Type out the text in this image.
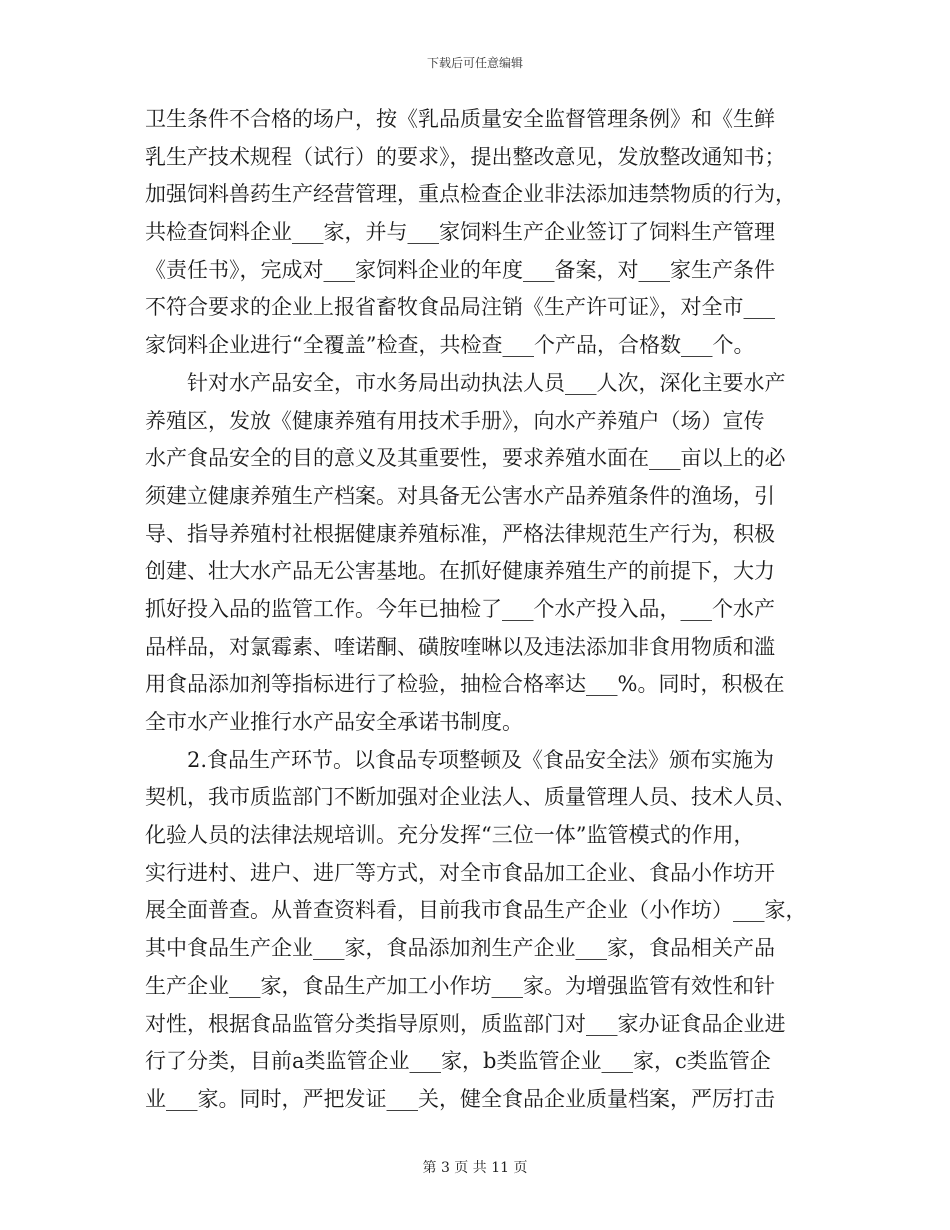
下载后可任意编辑
卫生条件不合格的场户，按《乳品质量安全监督管理条例》和《生鲜
乳生产技术规程（试行）的要求》，提出整改意见，发放整改通知书；
加强饲料兽药生产经营管理，重点检查企业非法添加违禁物质的行为，
共检查饲料企业___家，并与___家饲料生产企业签订了饲料生产管理
《责任书》，完成对___家饲料企业的年度___备案，对___家生产条件
不符合要求的企业上报省畜牧食品局注销《生产许可证》，对全市___
家饲料企业进行“全覆盖”检查，共检查___个产品，合格数___个。
针对水产品安全，市水务局出动执法人员___人次，深化主要水产
养殖区，发放《健康养殖有用技术手册》，向水产养殖户（场）宣传
水产食品安全的目的意义及其重要性，要求养殖水面在___亩以上的必
须建立健康养殖生产档案。对具备无公害水产品养殖条件的渔场，引
导、指导养殖村社根据健康养殖标准，严格法律规范生产行为，积极
创建、壮大水产品无公害基地。在抓好健康养殖生产的前提下，大力
抓好投入品的监管工作。今年已抽检了___个水产投入品，___个水产
品样品，对氯霉素、喹诺酮、磺胺喹啉以及违法添加非食用物质和滥
用食品添加剂等指标进行了检验，抽检合格率达___%。同时，积极在
全市水产业推行水产品安全承诺书制度。
2.食品生产环节。以食品专项整顿及《食品安全法》颁布实施为
契机，我市质监部门不断加强对企业法人、质量管理人员、技术人员、
化验人员的法律法规培训。充分发挥“三位一体”监管模式的作用，
实行进村、进户、进厂等方式，对全市食品加工企业、食品小作坊开
展全面普查。从普查资料看，目前我市食品生产企业（小作坊）___家，
其中食品生产企业___家，食品添加剂生产企业___家，食品相关产品
生产企业___家，食品生产加工小作坊___家。为增强监管有效性和针
对性，根据食品监管分类指导原则，质监部门对___家办证食品企业进
行了分类，目前a类监管企业___家，b类监管企业___家，c类监管企
业___家。同时，严把发证___关，健全食品企业质量档案，严厉打击
第 3 页 共 11 页
